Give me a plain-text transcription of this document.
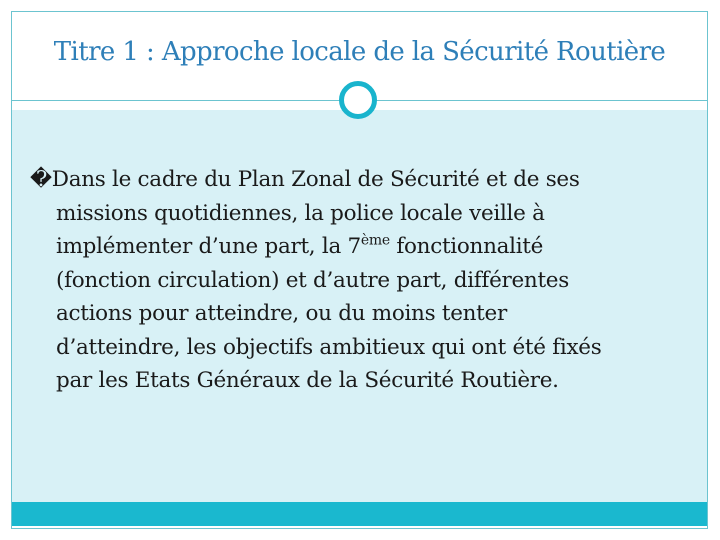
Titre 1 : Approche locale de la Sécurité Routière
�Dans le cadre du Plan Zonal de Sécurité et de ses
missions quotidiennes, la police locale veille à
implémenter d’une part, la 7ème fonctionnalité
(fonction circulation) et d’autre part, différentes
actions pour atteindre, ou du moins tenter
d’atteindre, les objectifs ambitieux qui ont été fixés
par les Etats Généraux de la Sécurité Routière.
